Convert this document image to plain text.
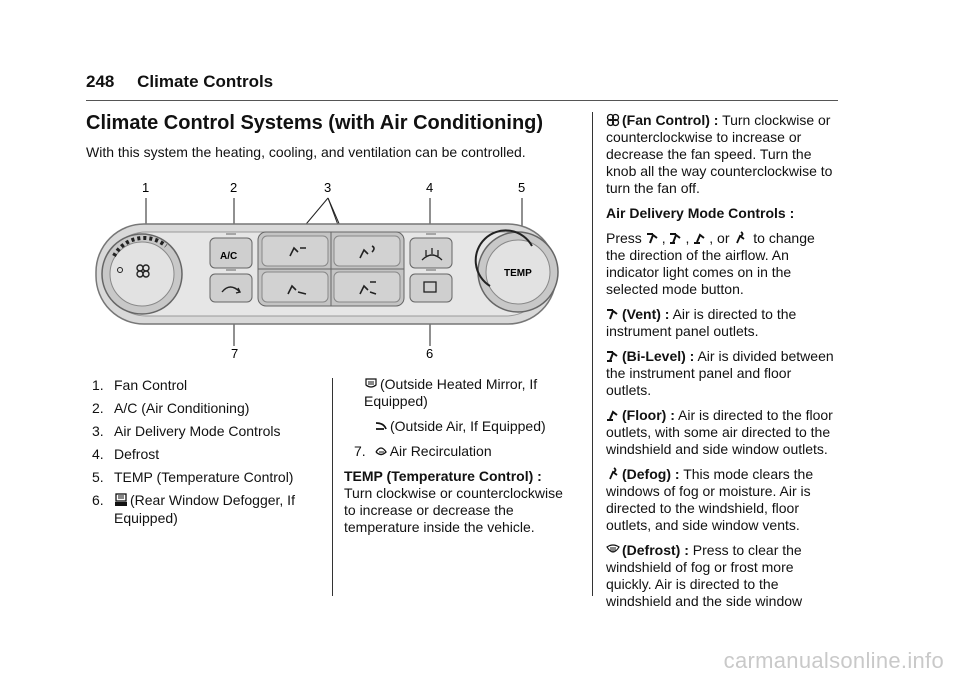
248 Climate Controls
Climate Control Systems (with Air Conditioning)
With this system the heating, cooling, and ventilation can be controlled.
1	2	3	4	5
7	6
TEMP
A/C
1. Fan Control
2. A/C (Air Conditioning)
3. Air Delivery Mode Controls
4. Defrost
5. TEMP (Temperature Control)
6.	(Rear Window Defogger, If Equipped)
(Outside Heated Mirror, If Equipped)
(Outside Air, If Equipped)
7. Air Recirculation
TEMP (Temperature Control) :
Turn clockwise or counterclockwise to increase or decrease the temperature inside the vehicle.
(Fan Control) : Turn clockwise or counterclockwise to increase or decrease the fan speed. Turn the knob all the way counterclockwise to turn the fan off.
Air Delivery Mode Controls :
Press , , , or to change the direction of the airflow. An indicator light comes on in the selected mode button.
(Vent) : Air is directed to the instrument panel outlets.
(Bi-Level) : Air is divided between the instrument panel and floor outlets.
(Floor) : Air is directed to the floor outlets, with some air directed to the windshield and side window outlets.
(Defog) : This mode clears the windows of fog or moisture. Air is directed to the windshield, floor outlets, and side window vents.
(Defrost) : Press to clear the windshield of fog or frost more quickly. Air is directed to the windshield and the side window
carmanualsonline.info
